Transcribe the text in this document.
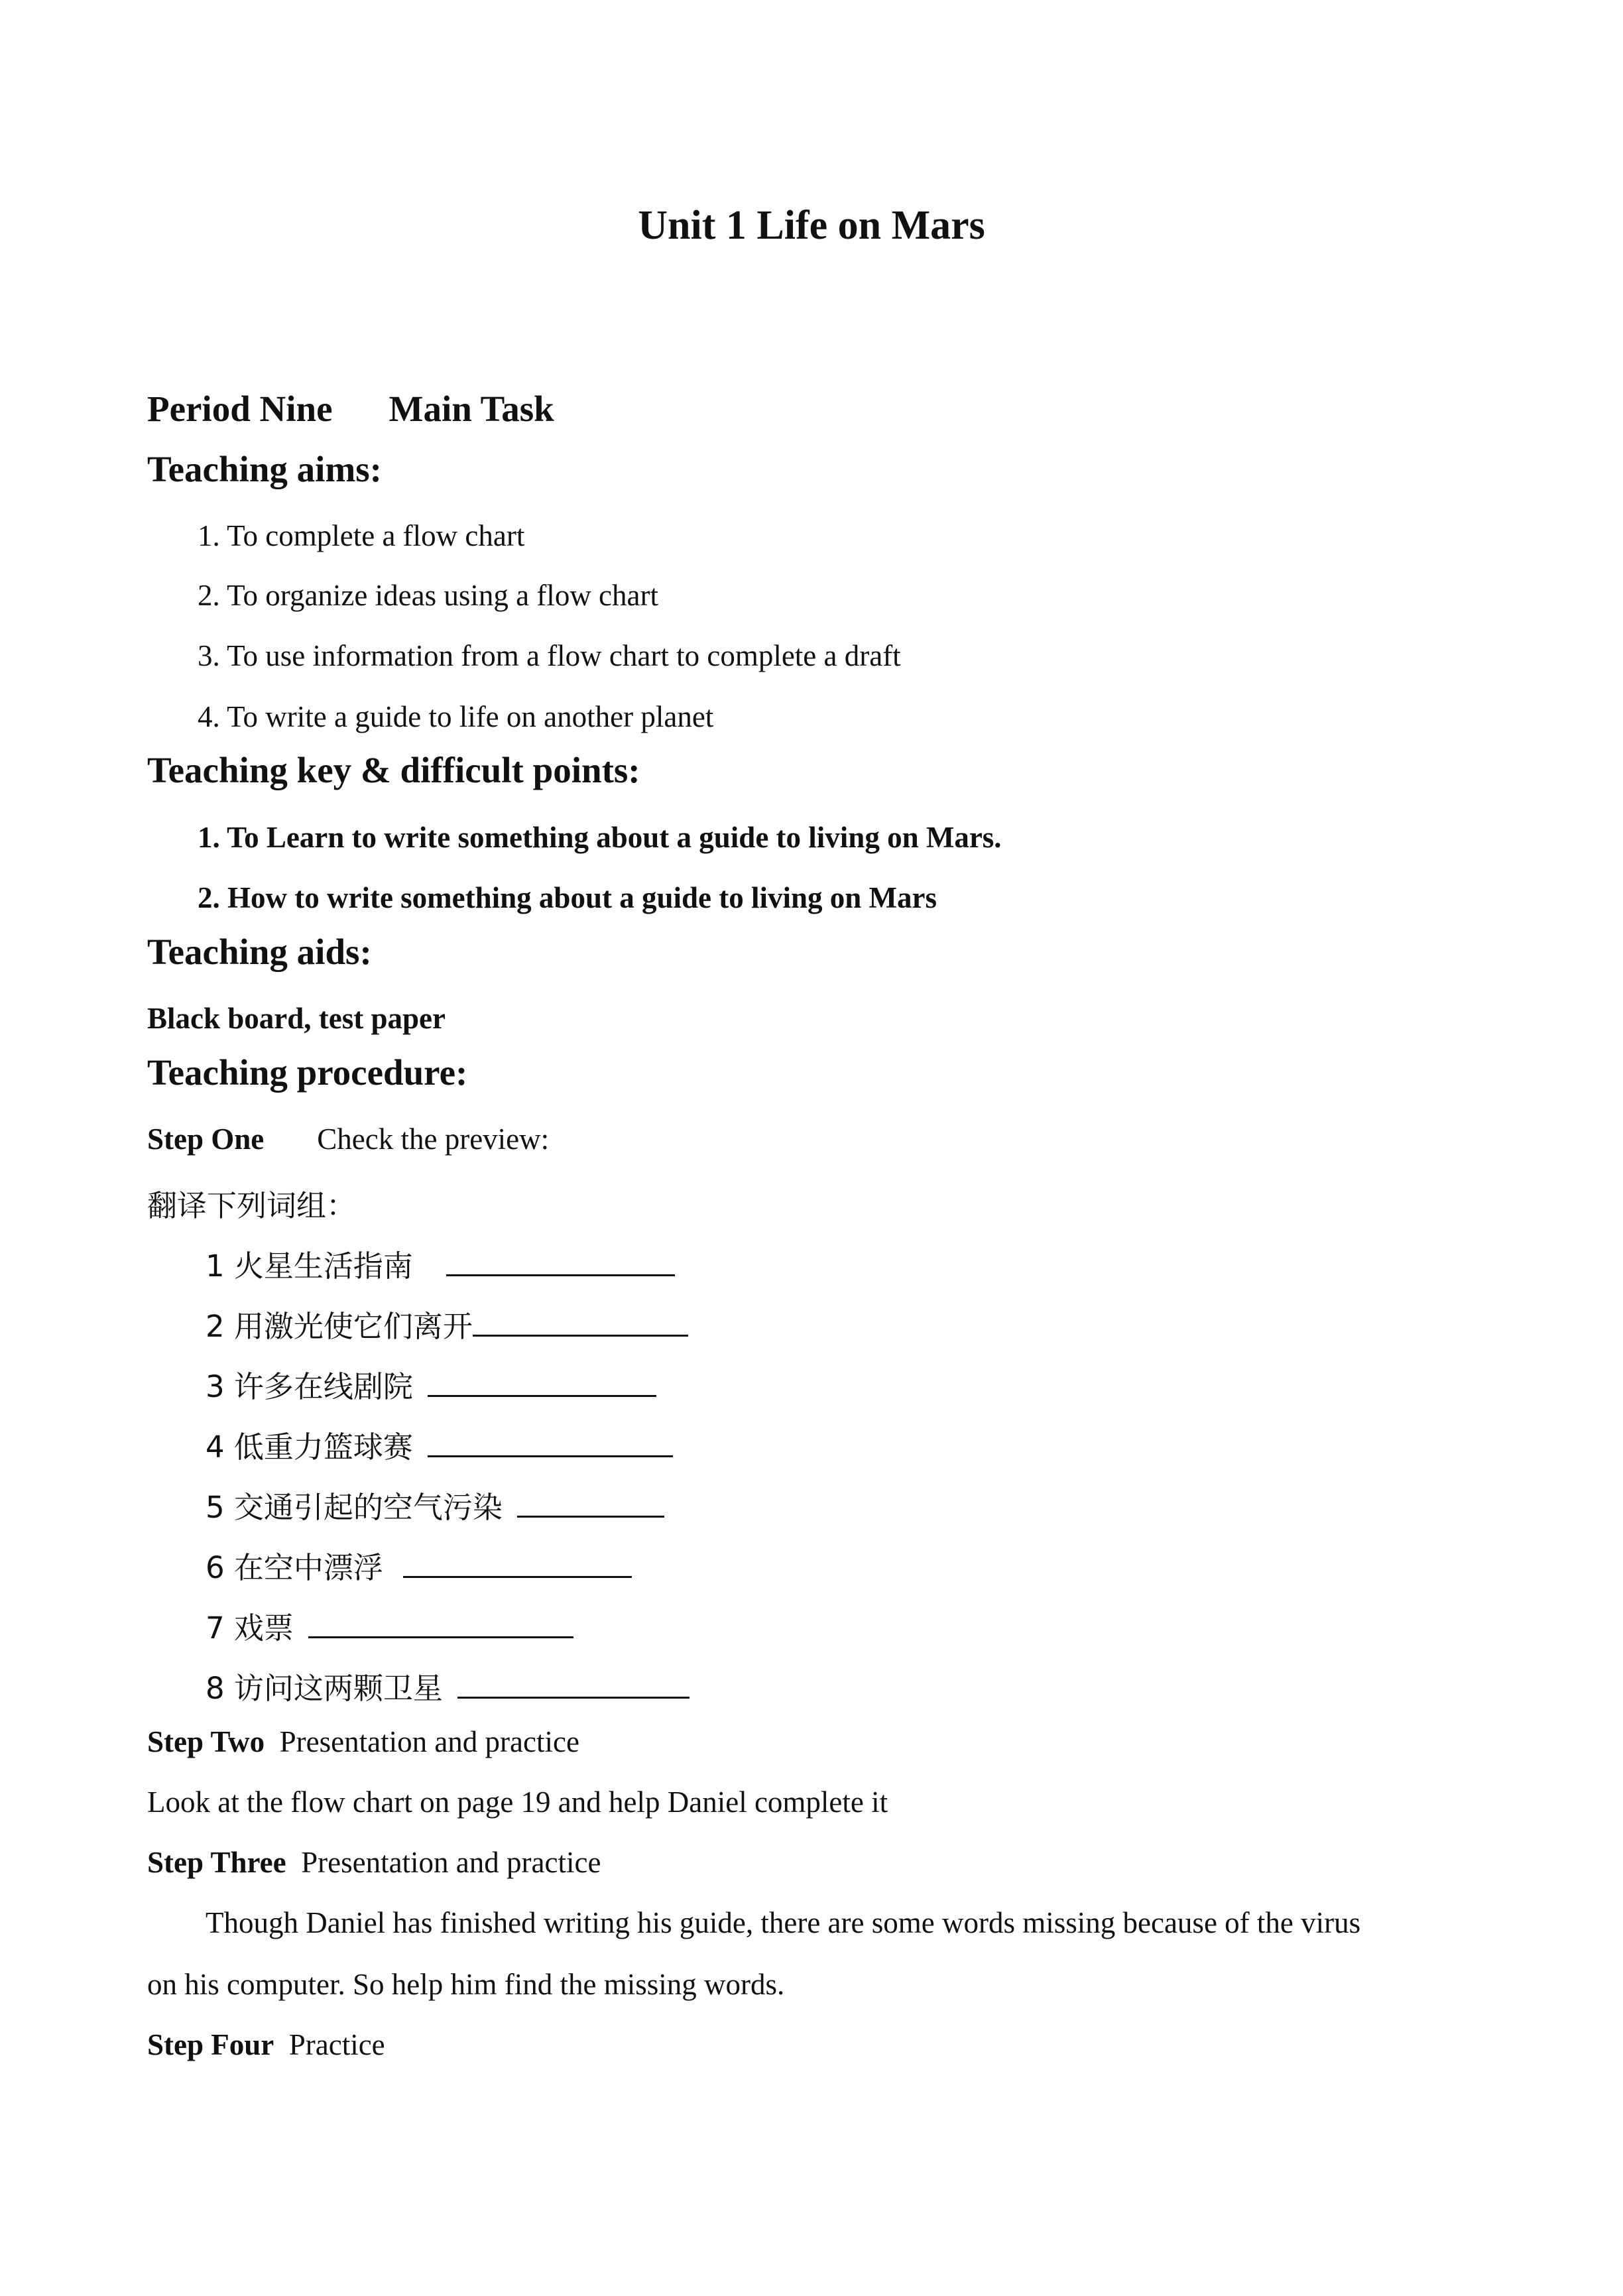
Unit 1 Life on Mars
Period Nine Main Task
Teaching aims:
1. To complete a flow chart
2. To organize ideas using a flow chart
3. To use information from a flow chart to complete a draft
4. To write a guide to life on another planet
Teaching key & difficult points:
1. To Learn to write something about a guide to living on Mars.
2. How to write something about a guide to living on Mars
Teaching aids:
Black board, test paper
Teaching procedure:
Step One Check the preview:
翻译下列词组：
1 火星生活指南
2 用激光使它们离开
3 许多在线剧院
4 低重力篮球赛
5 交通引起的空气污染
6 在空中漂浮
7 戏票
8 访问这两颗卫星
Step Two Presentation and practice
Look at the flow chart on page 19 and help Daniel complete it
Step Three Presentation and practice
Though Daniel has finished writing his guide, there are some words missing because of the virus
on his computer. So help him find the missing words.
Step Four Practice
